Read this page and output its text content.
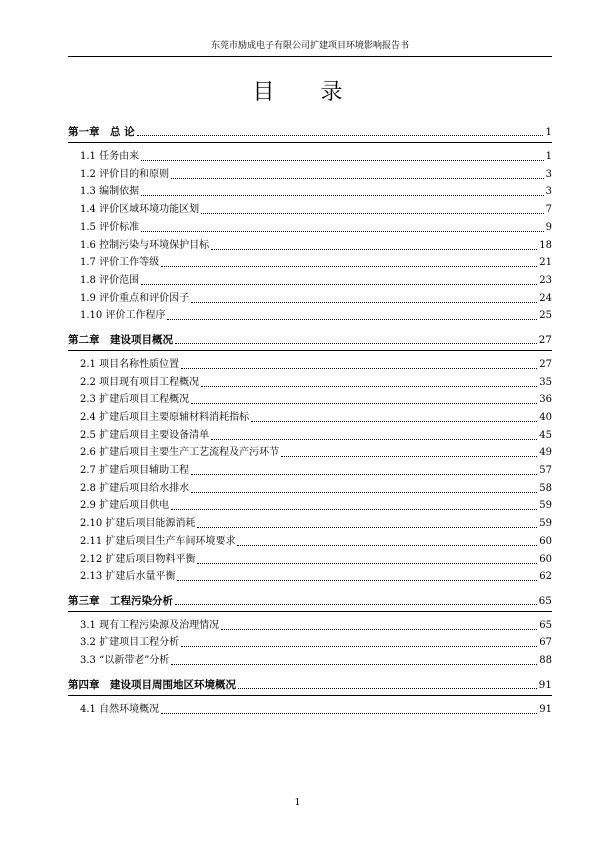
东莞市励成电子有限公司扩建项目环境影响报告书
目录
第一章　总 论	1
1.1 任务由来	1
1.2 评价目的和原则	3
1.3 编制依据	3
1.4 评价区域环境功能区划	7
1.5 评价标准	9
1.6 控制污染与环境保护目标	18
1.7 评价工作等级	21
1.8 评价范围	23
1.9 评价重点和评价因子	24
1.10 评价工作程序	25
第二章　建设项目概况	27
2.1 项目名称性质位置	27
2.2 项目现有项目工程概况	35
2.3 扩建后项目工程概况	36
2.4 扩建后项目主要原辅材料消耗指标	40
2.5 扩建后项目主要设备清单	45
2.6 扩建后项目主要生产工艺流程及产污环节	49
2.7 扩建后项目辅助工程	57
2.8 扩建后项目给水排水	58
2.9 扩建后项目供电	59
2.10 扩建后项目能源消耗	59
2.11 扩建后项目生产车间环境要求	60
2.12 扩建后项目物料平衡	60
2.13 扩建后水量平衡	62
第三章　工程污染分析	65
3.1 现有工程污染源及治理情况	65
3.2 扩建项目工程分析	67
3.3 “以新带老”分析	88
第四章　建设项目周围地区环境概况	91
4.1 自然环境概况	91
1
